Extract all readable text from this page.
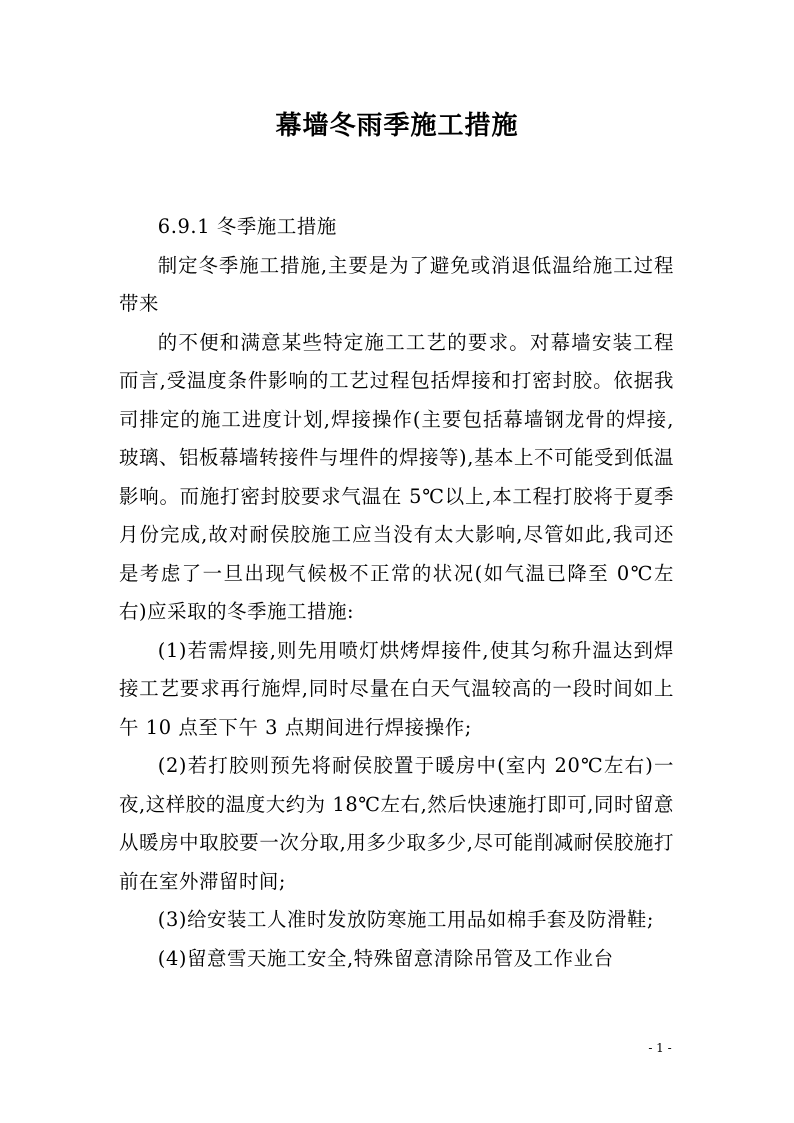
幕墙冬雨季施工措施

6.9.1 冬季施工措施

制定冬季施工措施,主要是为了避免或消退低温给施工过程带来

的不便和满意某些特定施工工艺的要求。对幕墙安装工程而言,受温度条件影响的工艺过程包括焊接和打密封胶。依据我司排定的施工进度计划,焊接操作(主要包括幕墙钢龙骨的焊接,玻璃、铝板幕墙转接件与埋件的焊接等),基本上不可能受到低温影响。而施打密封胶要求气温在 5℃以上,本工程打胶将于夏季月份完成,故对耐侯胶施工应当没有太大影响,尽管如此,我司还是考虑了一旦出现气候极不正常的状况(如气温已降至 0℃左右)应采取的冬季施工措施:

(1)若需焊接,则先用喷灯烘烤焊接件,使其匀称升温达到焊接工艺要求再行施焊,同时尽量在白天气温较高的一段时间如上午 10 点至下午 3 点期间进行焊接操作;

(2)若打胶则预先将耐侯胶置于暖房中(室内 20℃左右)一夜,这样胶的温度大约为 18℃左右,然后快速施打即可,同时留意从暖房中取胶要一次分取,用多少取多少,尽可能削减耐侯胶施打前在室外滞留时间;

(3)给安装工人准时发放防寒施工用品如棉手套及防滑鞋;

(4)留意雪天施工安全,特殊留意清除吊管及工作业台

- 1 -
